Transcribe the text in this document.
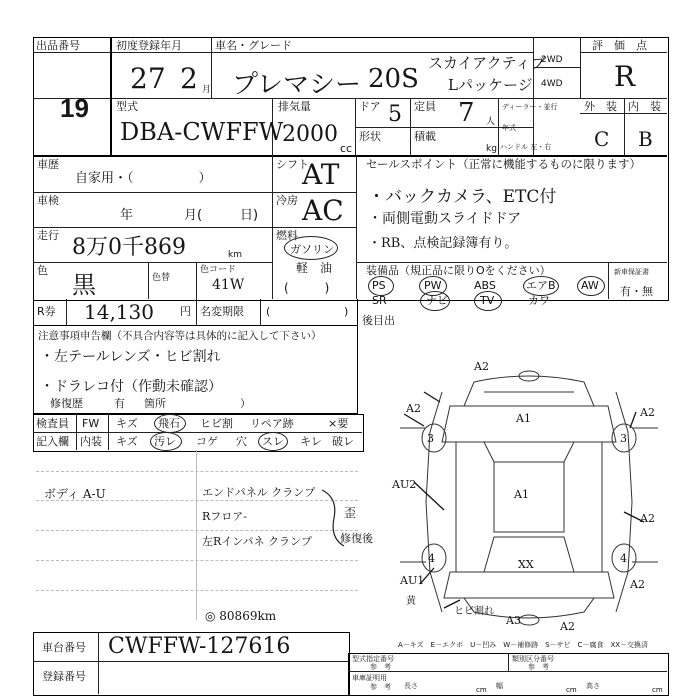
出品番号
19
初度登録年月
27 2 月
車名・グレード
プレマシー 20S
スカイアクティブ
Lパッケージ
2WD
4WD
評　価　点
R
外　装 内　装
C B
型式
DBA-CWFFW
排気量
2000
cc
ドア 5 定員 7 人
形状	積載
kg
ディーラー・並行
年式
ハンドル 左・右
車歴
自家用・（　　　　　）
車検
年	月(	日)
走行 8万0千869	km
色
黒	色替
色コード
41W
シフト
AT
冷房 AC
燃料
ガソリン
軽　油
(　　　)
セールスポイント（正常に機能するものに限ります）
・バックカメラ、ETC付
・両側電動スライドドア
・RB、点検記録簿有り。
装備品（規正品に限りOをください）
PS	PW	ABS	エアB AW
SR	ナビ	TV	カワ
新車保証書
有・無
R券 14,130 円 名変期限 (	)
後目出
注意事項申告欄（不具合内容等は具体的に記入して下さい）
・左テールレンズ・ヒビ割れ
・ドラレコ付（作動未確認）
修復歴	有 箇所	）
検査員
記入欄
FW キズ 飛石 ヒビ割 リペア跡	×要
内装 キズ 汚レ コゲ 穴 スレ キレ 破レ
ボディ A-U	エンドパネル クランプ
Rフロア-
左Rインパネ クランプ
歪
修復後
◎ 80869km
A2
A2
A1	A2
A1
3	3
AU2
A2
4	4
AU1
XX
A2
A3	A2
ヒビ割れ
黄
車台番号 CWFFW-127616
登録番号
A－キズ　E－エクボ　U－凹み　W－補修跡　S－サビ　C－腐食　XX－交換済
型式指定番号
参　考
類別区分番号
参　考
車庫証明用
参　考 長さ	cm 幅	cm 高さ	cm
